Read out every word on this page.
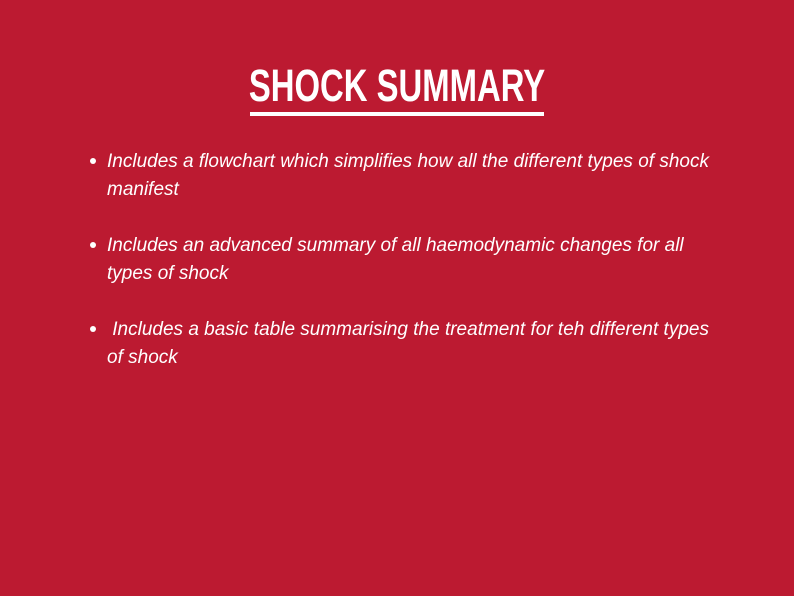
SHOCK SUMMARY
Includes a flowchart which simplifies how all the different types of shock manifest
Includes an advanced summary of all haemodynamic changes for all types of shock
Includes a basic table summarising the treatment for teh different types of shock
